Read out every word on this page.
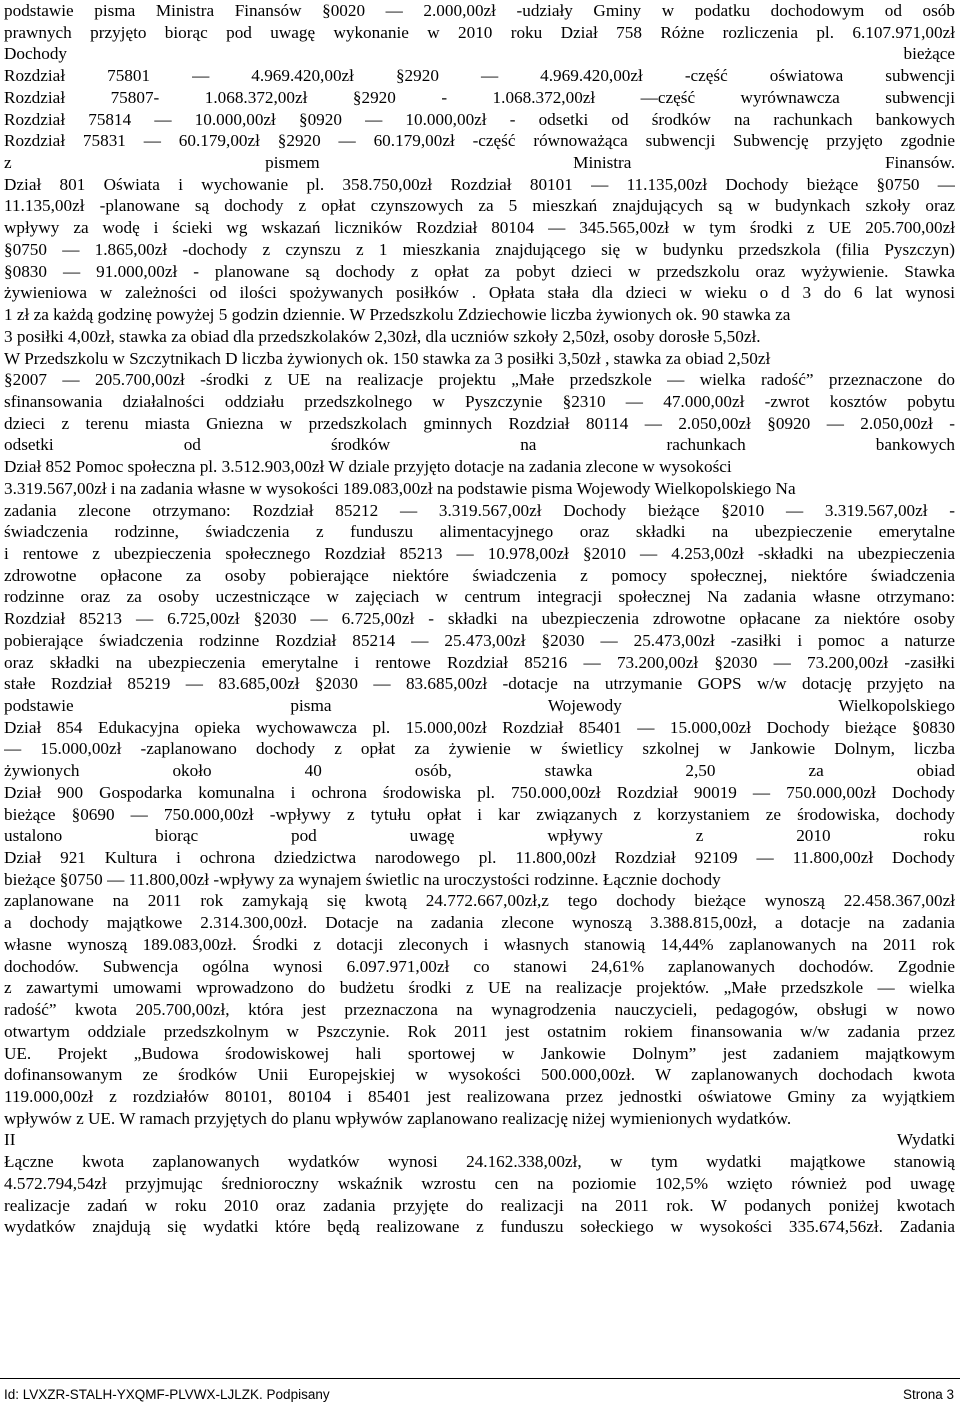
podstawie pisma Ministra Finansów §0020 — 2.000,00zł -udziały Gminy w podatku dochodowym od osób
prawnych przyjęto biorąc pod uwagę wykonanie w 2010 roku Dział 758 Różne rozliczenia pl. 6.107.971,00zł
Dochody bieżące
Rozdział 75801 — 4.969.420,00zł §2920 — 4.969.420,00zł -część oświatowa subwencji
Rozdział 75807- 1.068.372,00zł §2920 - 1.068.372,00zł —część wyrównawcza subwencji
Rozdział 75814 — 10.000,00zł §0920 — 10.000,00zł - odsetki od środków na rachunkach bankowych
Rozdział 75831 — 60.179,00zł §2920 — 60.179,00zł -część równoważąca subwencji Subwencję przyjęto zgodnie
z pismem Ministra Finansów.
Dział 801 Oświata i wychowanie pl. 358.750,00zł Rozdział 80101 — 11.135,00zł Dochody bieżące §0750 —
11.135,00zł -planowane są dochody z opłat czynszowych za 5 mieszkań znajdujących są w budynkach szkoły oraz
wpływy za wodę i ścieki wg wskazań liczników Rozdział 80104 — 345.565,00zł w tym środki z UE 205.700,00zł
§0750 — 1.865,00zł -dochody z czynszu z 1 mieszkania znajdującego się w budynku przedszkola (filia Pyszczyn)
§0830 — 91.000,00zł - planowane są dochody z opłat za pobyt dzieci w przedszkolu oraz wyżywienie. Stawka
żywieniowa w zależności od ilości spożywanych posiłków . Opłata stała dla dzieci w wieku o d 3 do 6 lat wynosi
1 zł za każdą godzinę powyżej 5 godzin dziennie. W Przedszkolu Zdziechowie liczba żywionych ok. 90 stawka za
3 posiłki 4,00zł, stawka za obiad dla przedszkolaków 2,30zł, dla uczniów szkoły 2,50zł, osoby dorosłe 5,50zł.
W Przedszkolu w Szczytnikach D liczba żywionych ok. 150 stawka za 3 posiłki 3,50zł , stawka za obiad 2,50zł
§2007 — 205.700,00zł -środki z UE na realizacje projektu „Małe przedszkole — wielka radość” przeznaczone do
sfinansowania działalności oddziału przedszkolnego w Pyszczynie §2310 — 47.000,00zł -zwrot kosztów pobytu
dzieci z terenu miasta Gniezna w przedszkolach gminnych Rozdział 80114 — 2.050,00zł §0920 — 2.050,00zł -
odsetki od środków na rachunkach bankowych
Dział 852 Pomoc społeczna pl. 3.512.903,00zł W dziale przyjęto dotacje na zadania zlecone w wysokości
3.319.567,00zł i na zadania własne w wysokości 189.083,00zł na podstawie pisma Wojewody Wielkopolskiego Na
zadania zlecone otrzymano: Rozdział 85212 — 3.319.567,00zł Dochody bieżące §2010 — 3.319.567,00zł -
świadczenia rodzinne, świadczenia z funduszu alimentacyjnego oraz składki na ubezpieczenie emerytalne
i rentowe z ubezpieczenia społecznego Rozdział 85213 — 10.978,00zł §2010 — 4.253,00zł -składki na ubezpieczenia
zdrowotne opłacone za osoby pobierające niektóre świadczenia z pomocy społecznej, niektóre świadczenia
rodzinne oraz za osoby uczestniczące w zajęciach w centrum integracji społecznej Na zadania własne otrzymano:
Rozdział 85213 — 6.725,00zł §2030 — 6.725,00zł - składki na ubezpieczenia zdrowotne opłacane za niektóre osoby
pobierające świadczenia rodzinne Rozdział 85214 — 25.473,00zł §2030 — 25.473,00zł -zasiłki i pomoc a naturze
oraz składki na ubezpieczenia emerytalne i rentowe Rozdział 85216 — 73.200,00zł §2030 — 73.200,00zł -zasiłki
stałe Rozdział 85219 — 83.685,00zł §2030 — 83.685,00zł -dotacje na utrzymanie GOPS w/w dotację przyjęto na
podstawie pisma Wojewody Wielkopolskiego
Dział 854 Edukacyjna opieka wychowawcza pl. 15.000,00zł Rozdział 85401 — 15.000,00zł Dochody bieżące §0830
— 15.000,00zł -zaplanowano dochody z opłat za żywienie w świetlicy szkolnej w Jankowie Dolnym, liczba
żywionych około 40 osób, stawka 2,50 za obiad
Dział 900 Gospodarka komunalna i ochrona środowiska pl. 750.000,00zł Rozdział 90019 — 750.000,00zł Dochody
bieżące §0690 — 750.000,00zł -wpływy z tytułu opłat i kar związanych z korzystaniem ze środowiska, dochody
ustalono biorąc pod uwagę wpływy z 2010 roku
Dział 921 Kultura i ochrona dziedzictwa narodowego pl. 11.800,00zł Rozdział 92109 — 11.800,00zł Dochody
bieżące §0750 — 11.800,00zł -wpływy za wynajem świetlic na uroczystości rodzinne. Łącznie dochody
zaplanowane na 2011 rok zamykają się kwotą 24.772.667,00zł,z tego dochody bieżące wynoszą 22.458.367,00zł
a dochody majątkowe 2.314.300,00zł. Dotacje na zadania zlecone wynoszą 3.388.815,00zł, a dotacje na zadania
własne wynoszą 189.083,00zł. Środki z dotacji zleconych i własnych stanowią 14,44% zaplanowanych na 2011 rok
dochodów. Subwencja ogólna wynosi 6.097.971,00zł co stanowi 24,61% zaplanowanych dochodów. Zgodnie
z zawartymi umowami wprowadzono do budżetu środki z UE na realizacje projektów. „Małe przedszkole — wielka
radość” kwota 205.700,00zł, która jest przeznaczona na wynagrodzenia nauczycieli, pedagogów, obsługi w nowo
otwartym oddziale przedszkolnym w Pszczynie. Rok 2011 jest ostatnim rokiem finansowania w/w zadania przez
UE. Projekt „Budowa środowiskowej hali sportowej w Jankowie Dolnym” jest zadaniem majątkowym
dofinansowanym ze środków Unii Europejskiej w wysokości 500.000,00zł. W zaplanowanych dochodach kwota
119.000,00zł z rozdziałów 80101, 80104 i 85401 jest realizowana przez jednostki oświatowe Gminy za wyjątkiem
wpływów z UE. W ramach przyjętych do planu wpływów zaplanowano realizację niżej wymienionych wydatków.
II Wydatki
Łączne kwota zaplanowanych wydatków wynosi 24.162.338,00zł, w tym wydatki majątkowe stanowią
4.572.794,54zł przyjmując średnioroczny wskaźnik wzrostu cen na poziomie 102,5% wzięto również pod uwagę
realizacje zadań w roku 2010 oraz zadania przyjęte do realizacji na 2011 rok. W podanych poniżej kwotach
wydatków znajdują się wydatki które będą realizowane z funduszu sołeckiego w wysokości 335.674,56zł. Zadania
Id: LVXZR-STALH-YXQMF-PLVWX-LJLZK. Podpisany	Strona 3
